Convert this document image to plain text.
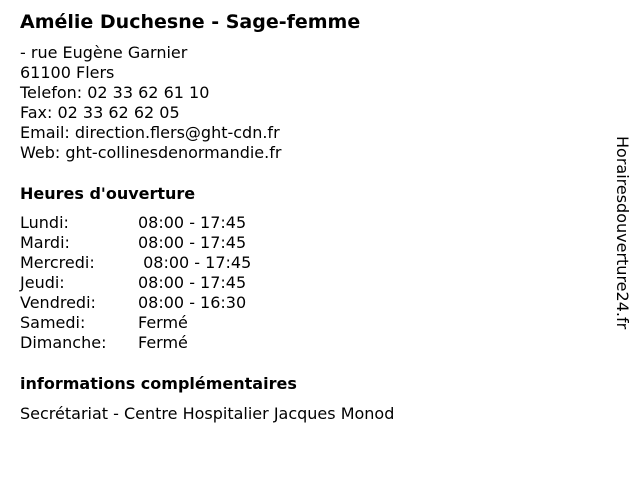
Amélie Duchesne - Sage-femme
- rue Eugène Garnier
61100 Flers
Telefon: 02 33 62 61 10
Fax: 02 33 62 62 05
Email: direction.flers@ght-cdn.fr
Web: ght-collinesdenormandie.fr
Heures d'ouverture
Lundi:	08:00 - 17:45
Mardi:	08:00 - 17:45
Mercredi:	08:00 - 17:45
Jeudi:	08:00 - 17:45
Vendredi:	08:00 - 16:30
Samedi:	Fermé
Dimanche:	Fermé
informations complémentaires
Secrétariat - Centre Hospitalier Jacques Monod
Horairesdouverture24.fr
